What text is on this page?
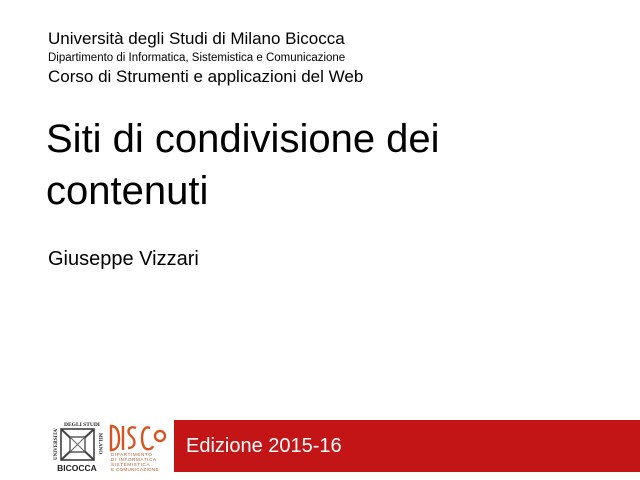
Università degli Studi di Milano Bicocca
Dipartimento di Informatica, Sistemistica e Comunicazione
Corso di Strumenti e applicazioni del Web
Siti di condivisione dei contenuti
Giuseppe Vizzari
DEGLI STUDI
UNIVERSITA'	MILANO
BICOCCA
DIPARTIMENTO
DI INFORMATICA
SISTEMISTICA
E COMUNICAZIONE
Edizione 2015-16
